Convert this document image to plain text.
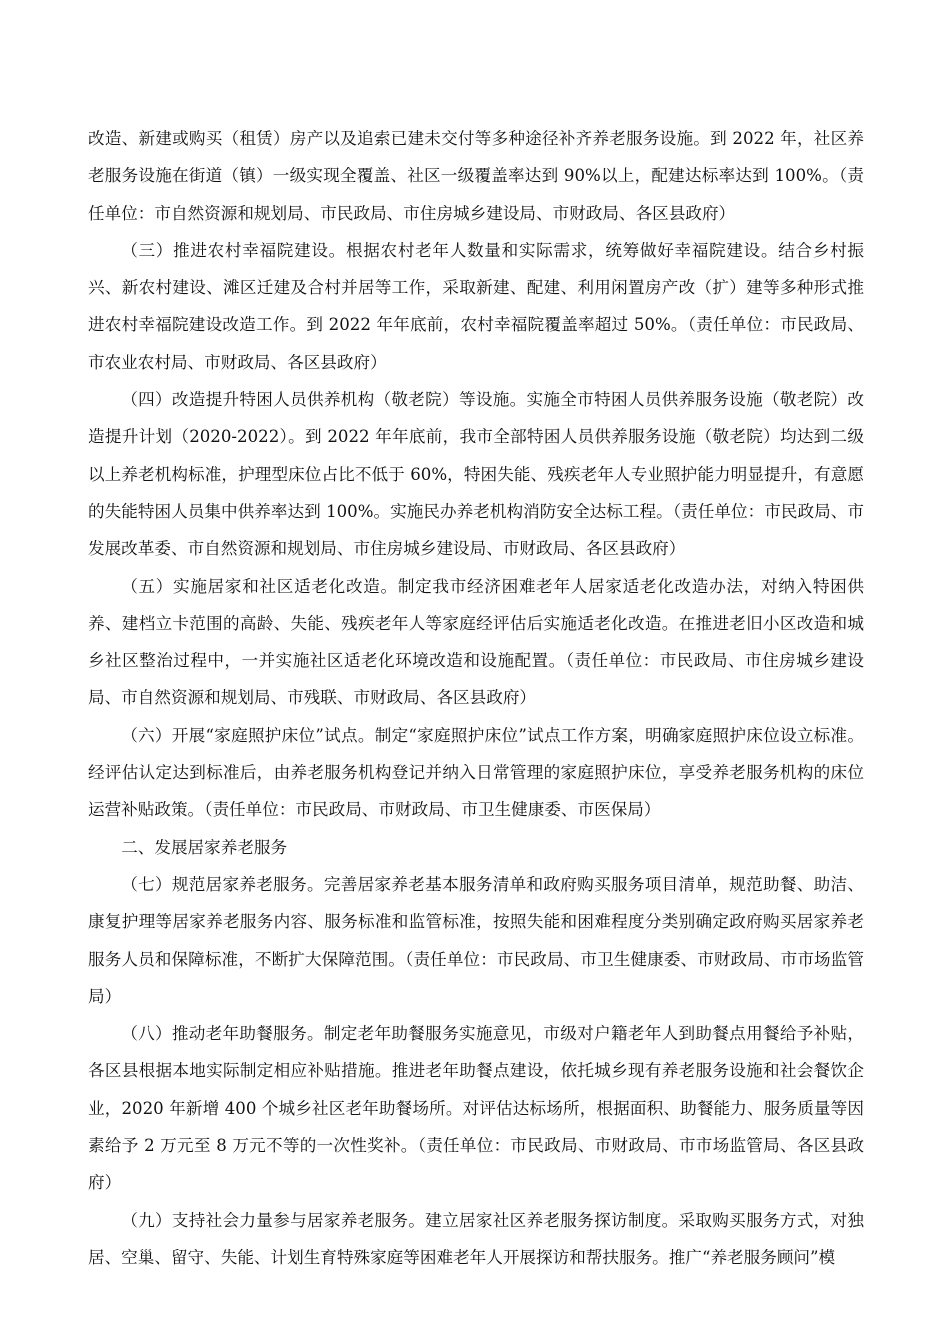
改造、新建或购买（租赁）房产以及追索已建未交付等多种途径补齐养老服务设施。到 2022 年，社区养老服务设施在街道（镇）一级实现全覆盖、社区一级覆盖率达到 90%以上，配建达标率达到 100%。（责任单位：市自然资源和规划局、市民政局、市住房城乡建设局、市财政局、各区县政府）

（三）推进农村幸福院建设。根据农村老年人数量和实际需求，统筹做好幸福院建设。结合乡村振兴、新农村建设、滩区迁建及合村并居等工作，采取新建、配建、利用闲置房产改（扩）建等多种形式推进农村幸福院建设改造工作。到 2022 年年底前，农村幸福院覆盖率超过 50%。（责任单位：市民政局、市农业农村局、市财政局、各区县政府）

（四）改造提升特困人员供养机构（敬老院）等设施。实施全市特困人员供养服务设施（敬老院）改造提升计划（2020-2022）。到 2022 年年底前，我市全部特困人员供养服务设施（敬老院）均达到二级以上养老机构标准，护理型床位占比不低于 60%，特困失能、残疾老年人专业照护能力明显提升，有意愿的失能特困人员集中供养率达到 100%。实施民办养老机构消防安全达标工程。（责任单位：市民政局、市发展改革委、市自然资源和规划局、市住房城乡建设局、市财政局、各区县政府）

（五）实施居家和社区适老化改造。制定我市经济困难老年人居家适老化改造办法，对纳入特困供养、建档立卡范围的高龄、失能、残疾老年人等家庭经评估后实施适老化改造。在推进老旧小区改造和城乡社区整治过程中，一并实施社区适老化环境改造和设施配置。（责任单位：市民政局、市住房城乡建设局、市自然资源和规划局、市残联、市财政局、各区县政府）

（六）开展“家庭照护床位”试点。制定“家庭照护床位”试点工作方案，明确家庭照护床位设立标准。经评估认定达到标准后，由养老服务机构登记并纳入日常管理的家庭照护床位，享受养老服务机构的床位运营补贴政策。（责任单位：市民政局、市财政局、市卫生健康委、市医保局）

二、发展居家养老服务

（七）规范居家养老服务。完善居家养老基本服务清单和政府购买服务项目清单，规范助餐、助洁、康复护理等居家养老服务内容、服务标准和监管标准，按照失能和困难程度分类别确定政府购买居家养老服务人员和保障标准，不断扩大保障范围。（责任单位：市民政局、市卫生健康委、市财政局、市市场监管局）

（八）推动老年助餐服务。制定老年助餐服务实施意见，市级对户籍老年人到助餐点用餐给予补贴，各区县根据本地实际制定相应补贴措施。推进老年助餐点建设，依托城乡现有养老服务设施和社会餐饮企业，2020 年新增 400 个城乡社区老年助餐场所。对评估达标场所，根据面积、助餐能力、服务质量等因素给予 2 万元至 8 万元不等的一次性奖补。（责任单位：市民政局、市财政局、市市场监管局、各区县政府）

（九）支持社会力量参与居家养老服务。建立居家社区养老服务探访制度。采取购买服务方式，对独居、空巢、留守、失能、计划生育特殊家庭等困难老年人开展探访和帮扶服务。推广“养老服务顾问”模
